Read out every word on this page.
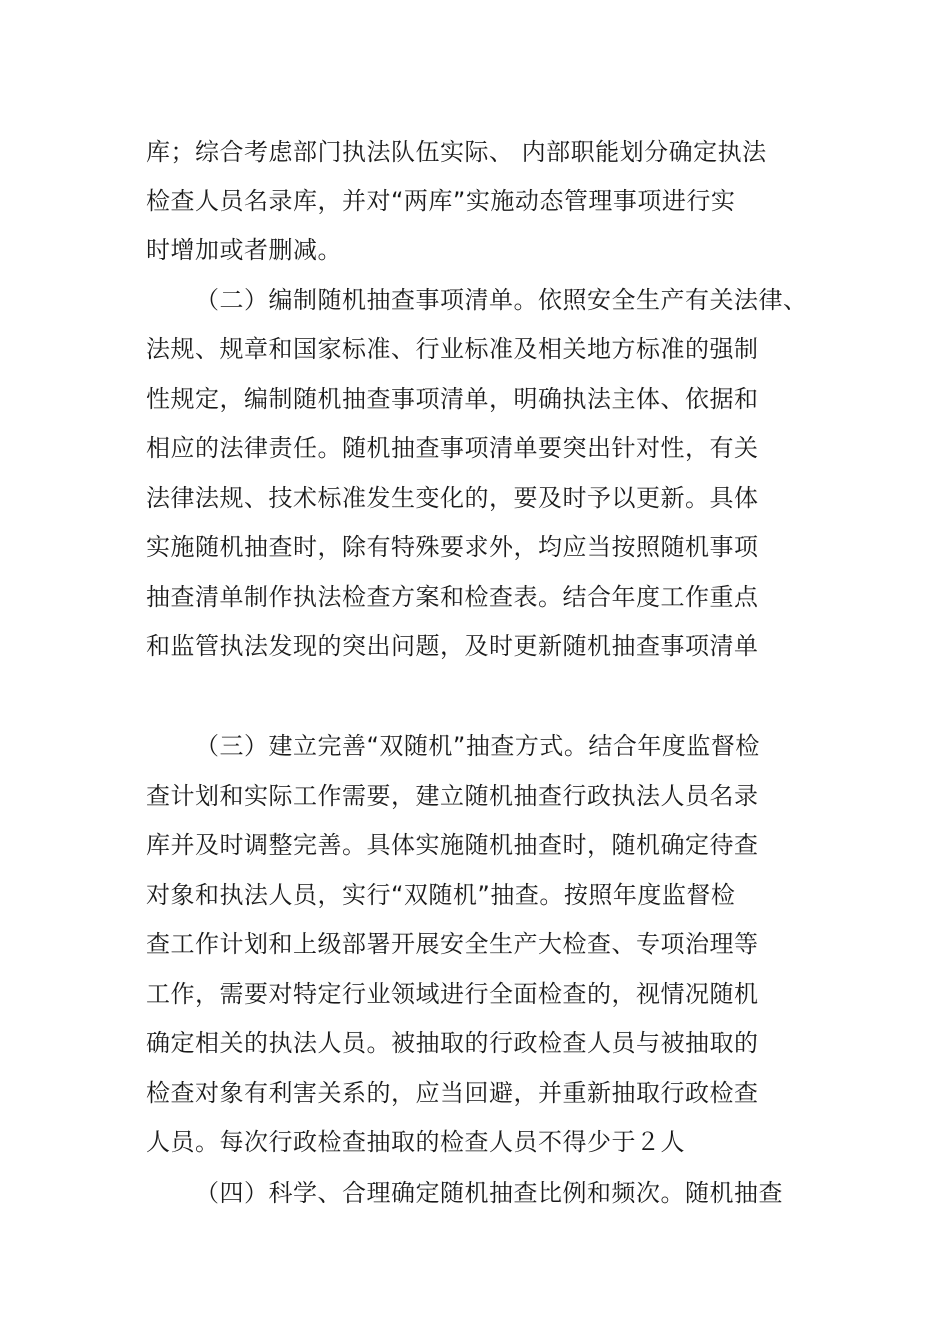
库；综合考虑部门执法队伍实际、 内部职能划分确定执法
检查人员名录库，并对“两库”实施动态管理事项进行实
时增加或者删减。
（二）编制随机抽查事项清单。依照安全生产有关法律、
法规、规章和国家标准、行业标准及相关地方标准的强制
性规定，编制随机抽查事项清单，明确执法主体、依据和
相应的法律责任。随机抽查事项清单要突出针对性，有关
法律法规、技术标准发生变化的，要及时予以更新。具体
实施随机抽查时，除有特殊要求外，均应当按照随机事项
抽查清单制作执法检查方案和检查表。结合年度工作重点
和监管执法发现的突出问题，及时更新随机抽查事项清单
（三）建立完善“双随机”抽查方式。结合年度监督检
查计划和实际工作需要，建立随机抽查行政执法人员名录
库并及时调整完善。具体实施随机抽查时，随机确定待查
对象和执法人员，实行“双随机”抽查。按照年度监督检
查工作计划和上级部署开展安全生产大检查、专项治理等
工作，需要对特定行业领域进行全面检查的，视情况随机
确定相关的执法人员。被抽取的行政检查人员与被抽取的
检查对象有利害关系的，应当回避，并重新抽取行政检查
人员。每次行政检查抽取的检查人员不得少于２人
（四）科学、合理确定随机抽查比例和频次。随机抽查
